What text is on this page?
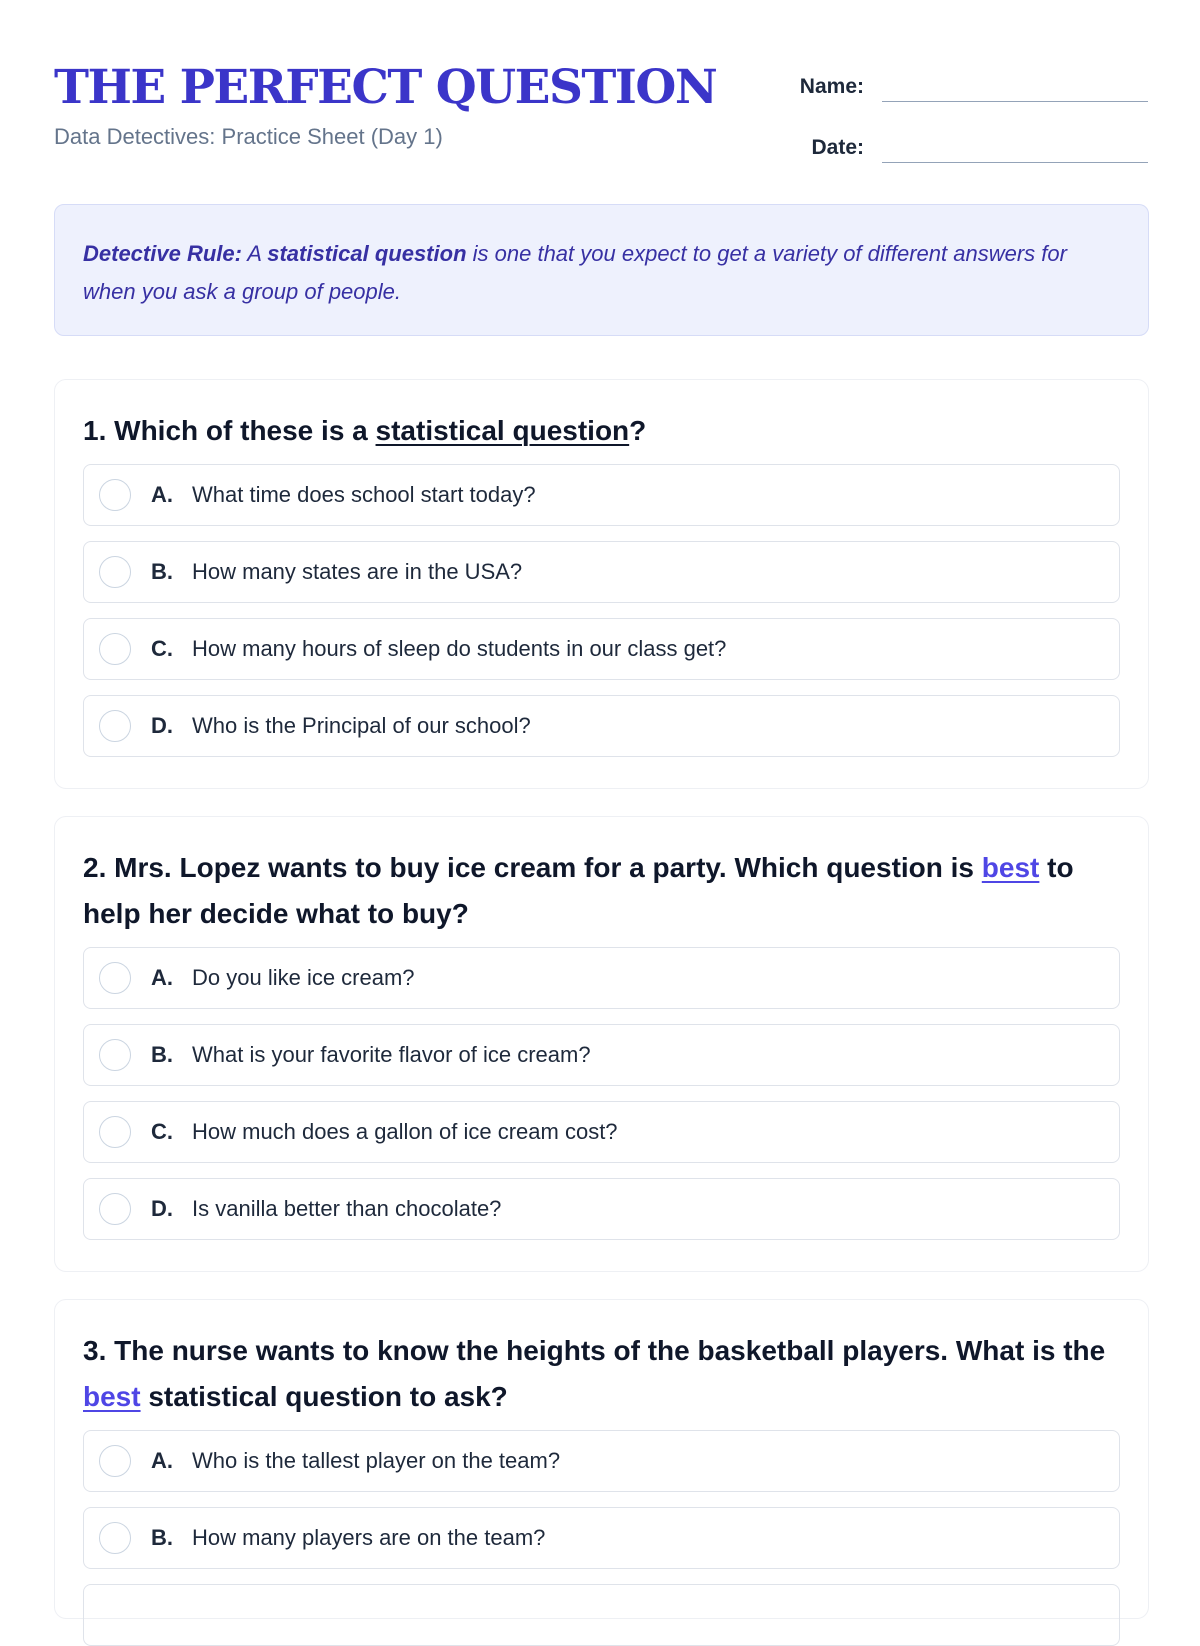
THE PERFECT QUESTION
Data Detectives: Practice Sheet (Day 1)
Name:
Date:
Detective Rule: A statistical question is one that you expect to get a variety of different answers for when you ask a group of people.

1. Which of these is a statistical question?

A. What time does school start today?
B. How many states are in the USA?
C. How many hours of sleep do students in our class get?
D. Who is the Principal of our school?

2. Mrs. Lopez wants to buy ice cream for a party. Which question is best to help her decide what to buy?

A. Do you like ice cream?
B. What is your favorite flavor of ice cream?
C. How much does a gallon of ice cream cost?
D. Is vanilla better than chocolate?

3. The nurse wants to know the heights of the basketball players. What is the best statistical question to ask?

A. Who is the tallest player on the team?
B. How many players are on the team?
